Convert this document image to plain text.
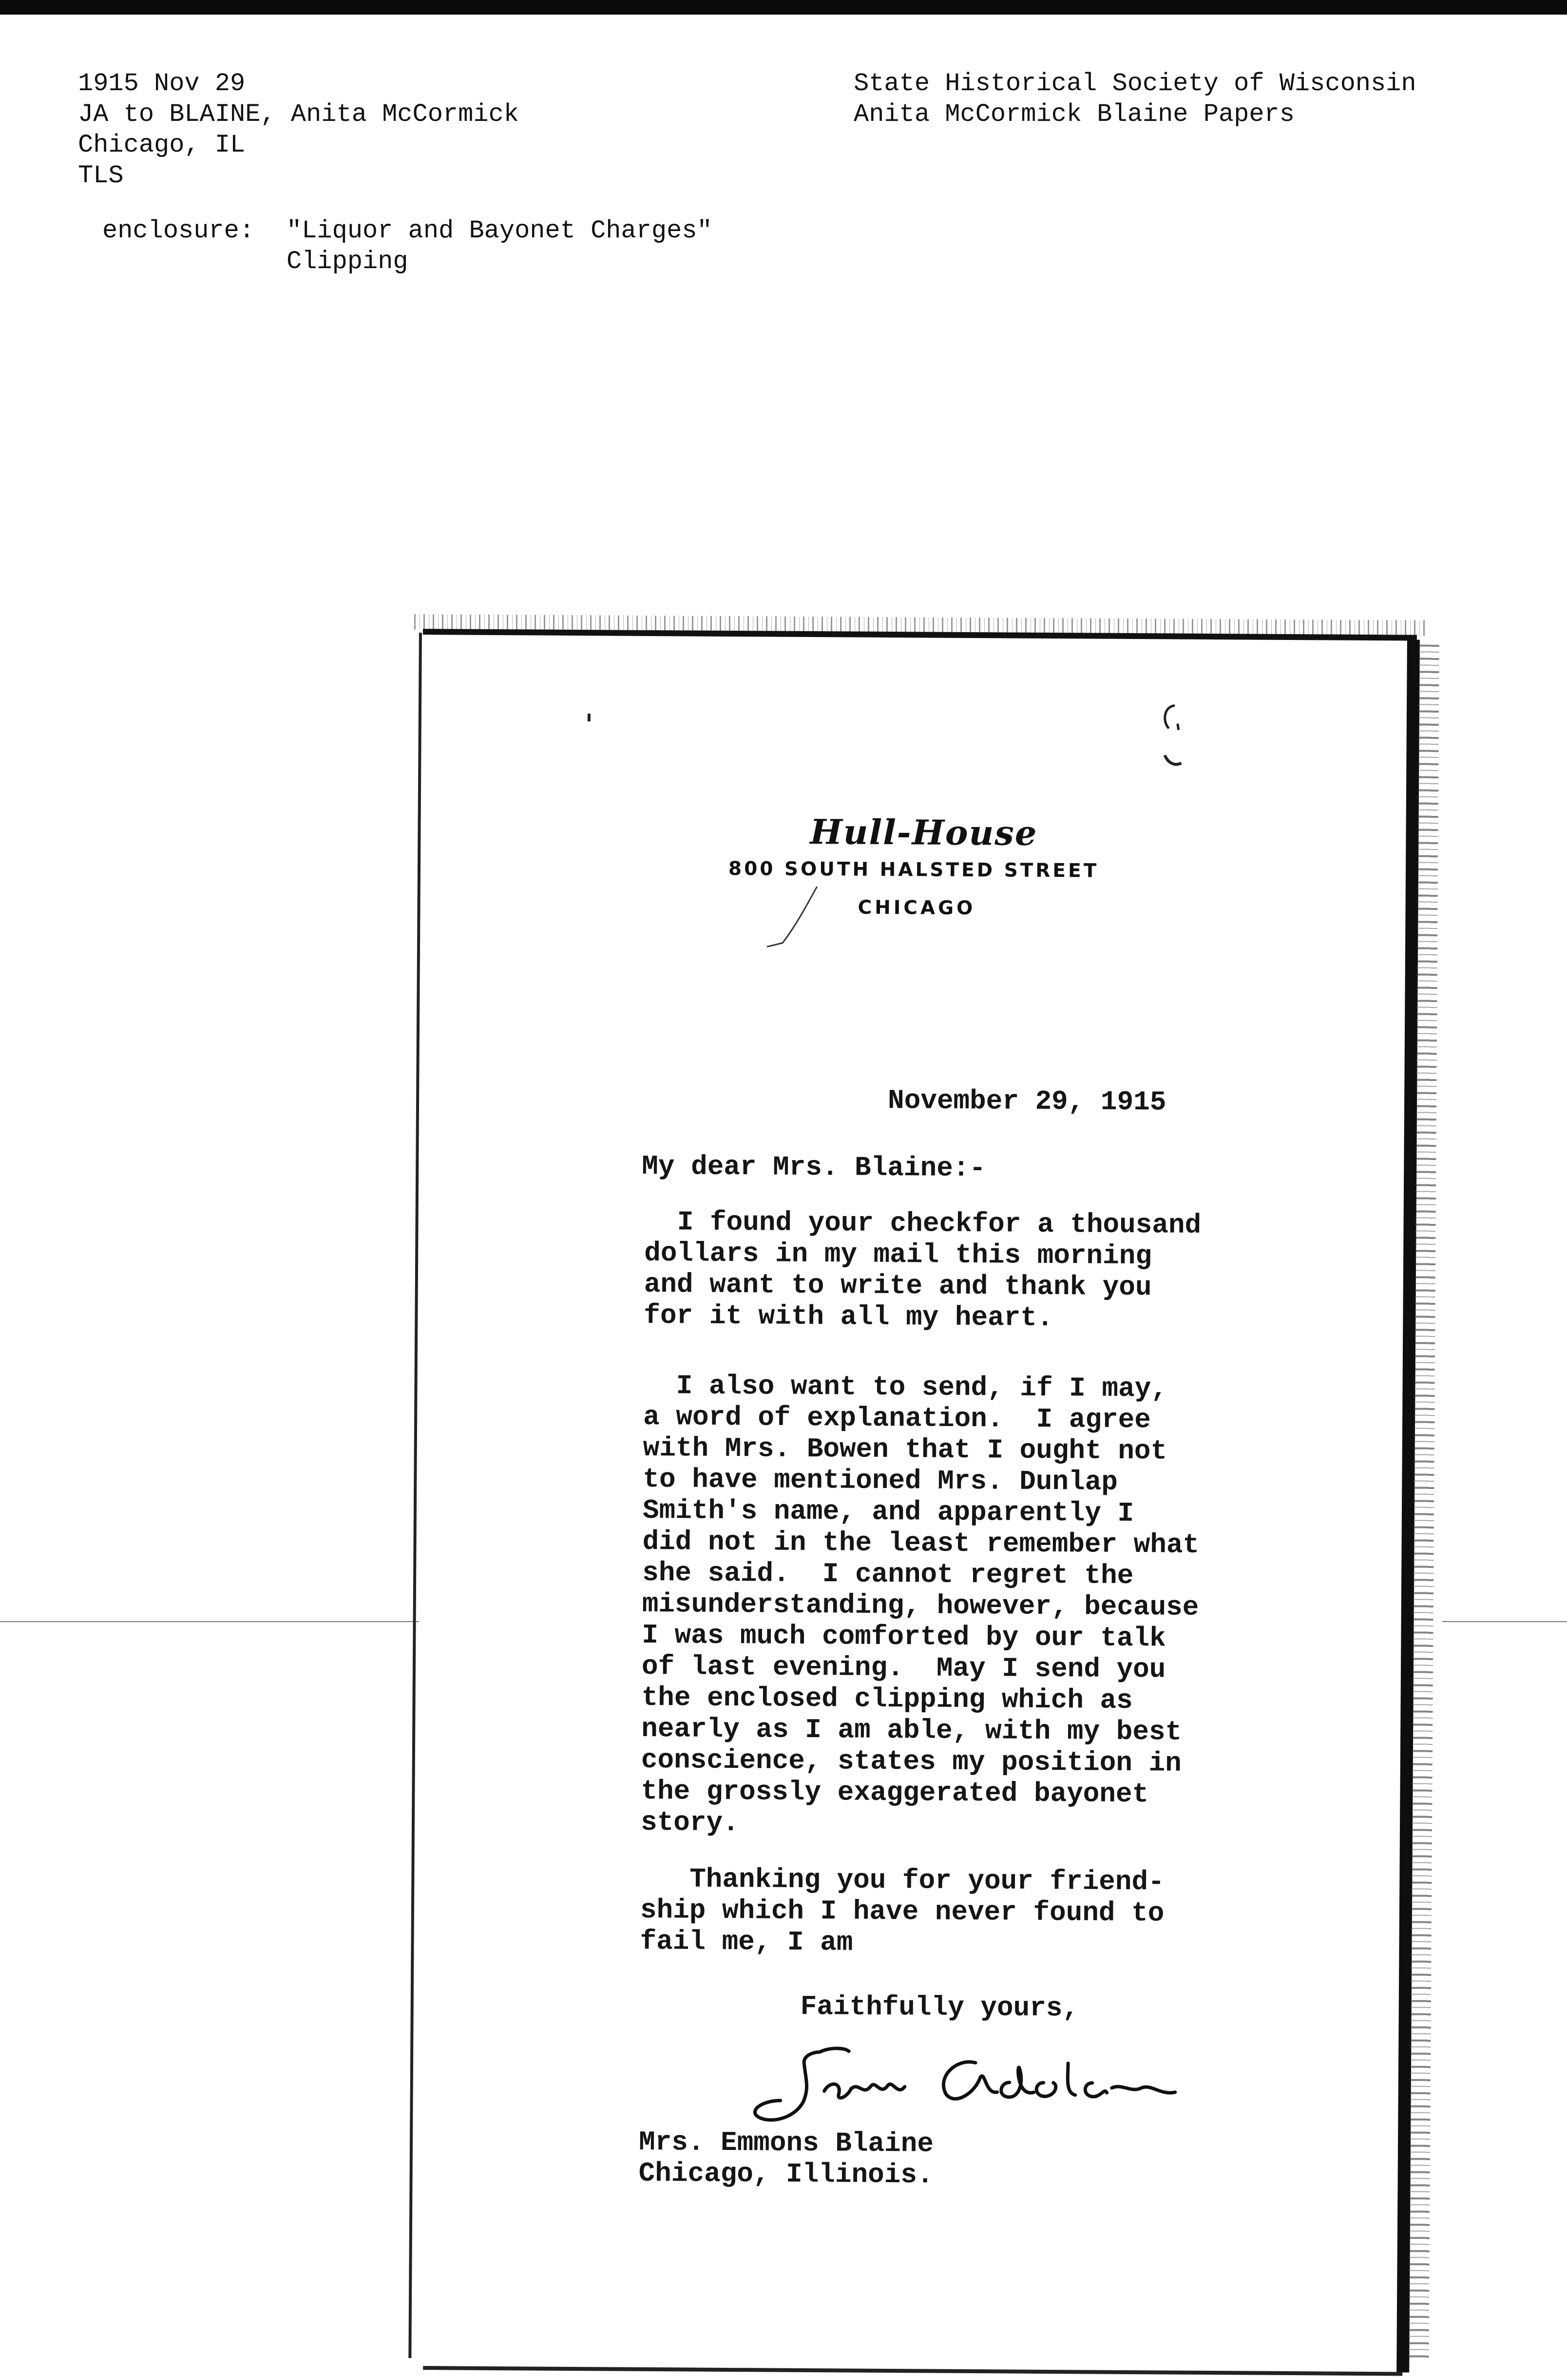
1915 Nov 29
JA to BLAINE, Anita McCormick
Chicago, IL
TLS
State Historical Society of Wisconsin
Anita McCormick Blaine Papers
enclosure: "Liquor and Bayonet Charges"
Clipping
Hull-House
800 SOUTH HALSTED STREET
CHICAGO
November 29, 1915
My dear Mrs. Blaine:-
I found your checkfor a thousand
dollars in my mail this morning
and want to write and thank you
for it with all my heart.
I also want to send, if I may,
a word of explanation.  I agree
with Mrs. Bowen that I ought not
to have mentioned Mrs. Dunlap
Smith's name, and apparently I
did not in the least remember what
she said.  I cannot regret the
misunderstanding, however, because
I was much comforted by our talk
of last evening.  May I send you
the enclosed clipping which as
nearly as I am able, with my best
conscience, states my position in
the grossly exaggerated bayonet
story.
Thanking you for your friend-
ship which I have never found to
fail me, I am
Faithfully yours,
Mrs. Emmons Blaine
Chicago, Illinois.
